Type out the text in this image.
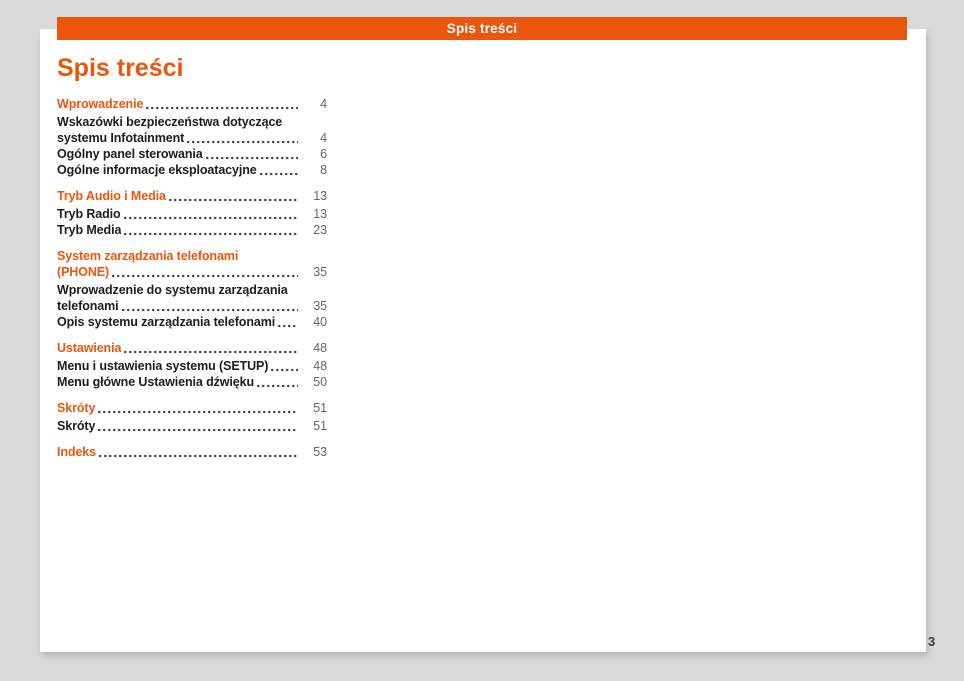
Spis treści
Spis treści
Wprowadzenie	4
Wskazówki bezpieczeństwa dotyczące
systemu Infotainment	4
Ogólny panel sterowania	6
Ogólne informacje eksploatacyjne	8
Tryb Audio i Media	13
Tryb Radio	13
Tryb Media	23
System zarządzania telefonami
(PHONE)	35
Wprowadzenie do systemu zarządzania
telefonami	35
Opis systemu zarządzania telefonami	40
Ustawienia	48
Menu i ustawienia systemu (SETUP)	48
Menu główne Ustawienia dźwięku	50
Skróty	51
Skróty	51
Indeks	53
3
